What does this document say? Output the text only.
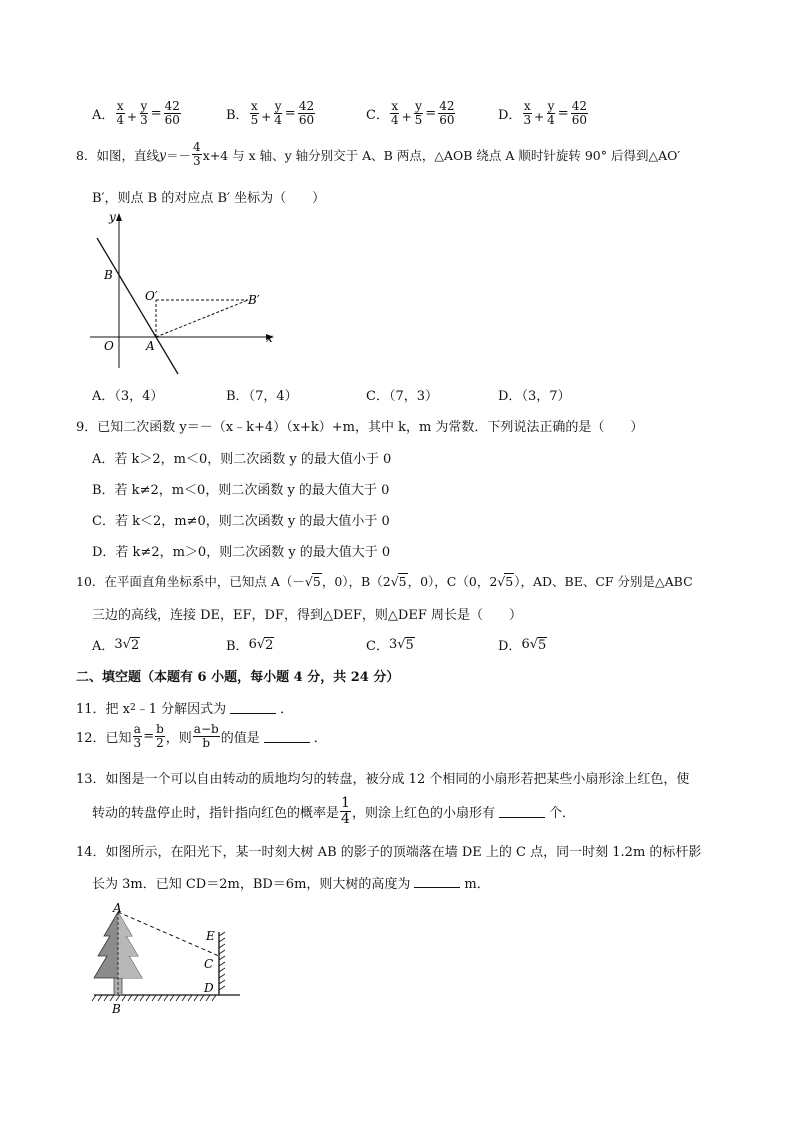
A． $\frac{x}{4} + \frac{y}{3} = \frac{42}{60}$	B． $\frac{x}{5} + \frac{y}{4} = \frac{42}{60}$	C． $\frac{x}{4} + \frac{y}{5} = \frac{42}{60}$	D． $\frac{x}{3} + \frac{y}{4} = \frac{42}{60}$
8．如图，直线 $y =- \frac{4}{3} x+4$ 与 x 轴、y 轴分别交于 A、B 两点，△AOB 绕点 A 顺时针旋转 90° 后得到△AO′
B′，则点 B 的对应点 B′ 坐标为（　　）
y
x
B
O′	B′
O	A
A．（3，4）	B．（7，4）	C．（7，3）	D．（3，7）
9．已知二次函数 y＝－（x﹣k+4）（x+k）+m，其中 k，m 为常数．下列说法正确的是（　　）
A．若 k＞2，m＜0，则二次函数 y 的最大值小于 0
B．若 k≠2，m＜0，则二次函数 y 的最大值大于 0
C．若 k＜2，m≠0，则二次函数 y 的最大值小于 0
D．若 k≠2，m＞0，则二次函数 y 的最大值大于 0
10．在平面直角坐标系中，已知点 A（－ √ 5 ，0），B（2 √ 5 ，0），C（0，2 √ 5 ），AD、BE、CF 分别是△ABC
三边的高线，连接 DE，EF，DF，得到△DEF，则△DEF 周长是（　　）
A． 3 √ 2	B． 6 √ 2	C． 3 √ 5	D． 6 √ 5
二、填空题（本题有 6 小题，每小题 4 分，共 24 分）
11．把 x 2 ﹣1 分解因式为	．
12．已知 $\frac{a}{3} = \frac{b}{2}$ ，则 $\frac{a-b}{b}$ 的值是	．
13．如图是一个可以自由转动的质地均匀的转盘，被分成 12 个相同的小扇形若把某些小扇形涂上红色，使
转动的转盘停止时，指针指向红色的概率是 $\frac{1}{4}$ ，则涂上红色的小扇形有	个．
14．如图所示，在阳光下，某一时刻大树 AB 的影子的顶端落在墙 DE 上的 C 点，同一时刻 1.2m 的标杆影
长为 3m．已知 CD＝2m，BD＝6m，则大树的高度为	m．
A
E
C
D
B
